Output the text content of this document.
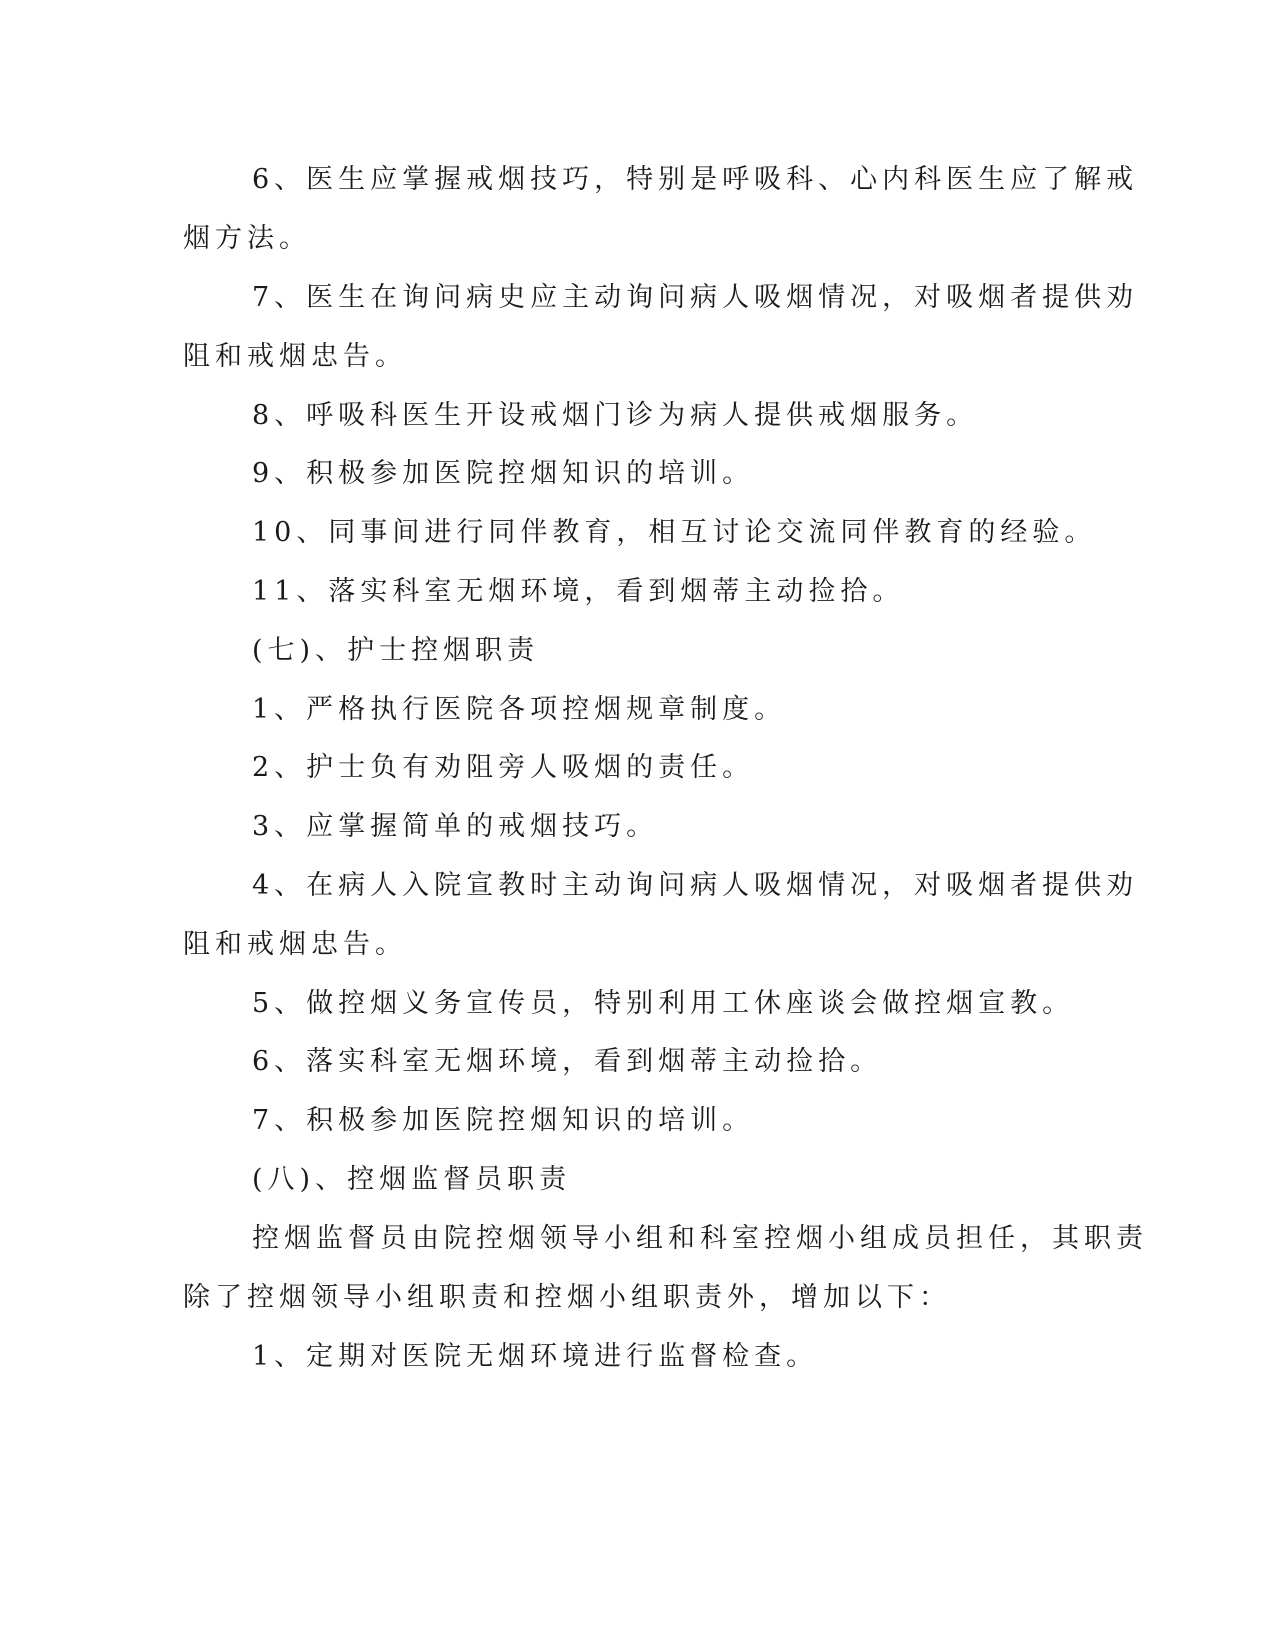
6、医生应掌握戒烟技巧，特别是呼吸科、心内科医生应了解戒
烟方法。
7、医生在询问病史应主动询问病人吸烟情况，对吸烟者提供劝
阻和戒烟忠告。
8、呼吸科医生开设戒烟门诊为病人提供戒烟服务。
9、积极参加医院控烟知识的培训。
10、同事间进行同伴教育，相互讨论交流同伴教育的经验。
11、落实科室无烟环境，看到烟蒂主动捡拾。
(七)、护士控烟职责
1、严格执行医院各项控烟规章制度。
2、护士负有劝阻旁人吸烟的责任。
3、应掌握简单的戒烟技巧。
4、在病人入院宣教时主动询问病人吸烟情况，对吸烟者提供劝
阻和戒烟忠告。
5、做控烟义务宣传员，特别利用工休座谈会做控烟宣教。
6、落实科室无烟环境，看到烟蒂主动捡拾。
7、积极参加医院控烟知识的培训。
(八)、控烟监督员职责
控烟监督员由院控烟领导小组和科室控烟小组成员担任，其职责
除了控烟领导小组职责和控烟小组职责外，增加以下：
1、定期对医院无烟环境进行监督检查。
